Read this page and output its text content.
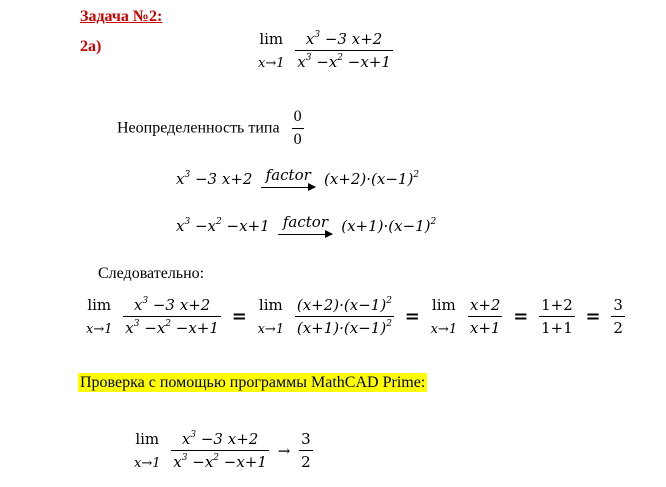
Задача №2:
2а)	lim
x→1
$\frac{x^3 -3 x+2}{x^3 -x^2 -x+1}$
Неопределенность типа $\frac{0}{0}$
$x^3 -3$ x+2 factor $(x+2)\cdot(x-1)^2$
$x^3 -x^2 -x+1$ factor $(x+1)\cdot(x-1)^2$
Следовательно:
lim
x→1
$\frac{x^3 -3 x+2}{x^3 -x^2 -x+1}$ =
lim
x→1
$\frac{(x+2)\cdot(x-1)^2}{(x+1)\cdot(x-1)^2}$ =
lim
x→1
$\frac{x+2}{x+1} = \frac{1+2}{1+1} = \frac{3}{2}$
Проверка с помощью программы MathCAD Prime:
lim
x→1
$\frac{x^3 -3 x+2}{x^3 -x^2 -x+1} \to \frac{3}{2}$
